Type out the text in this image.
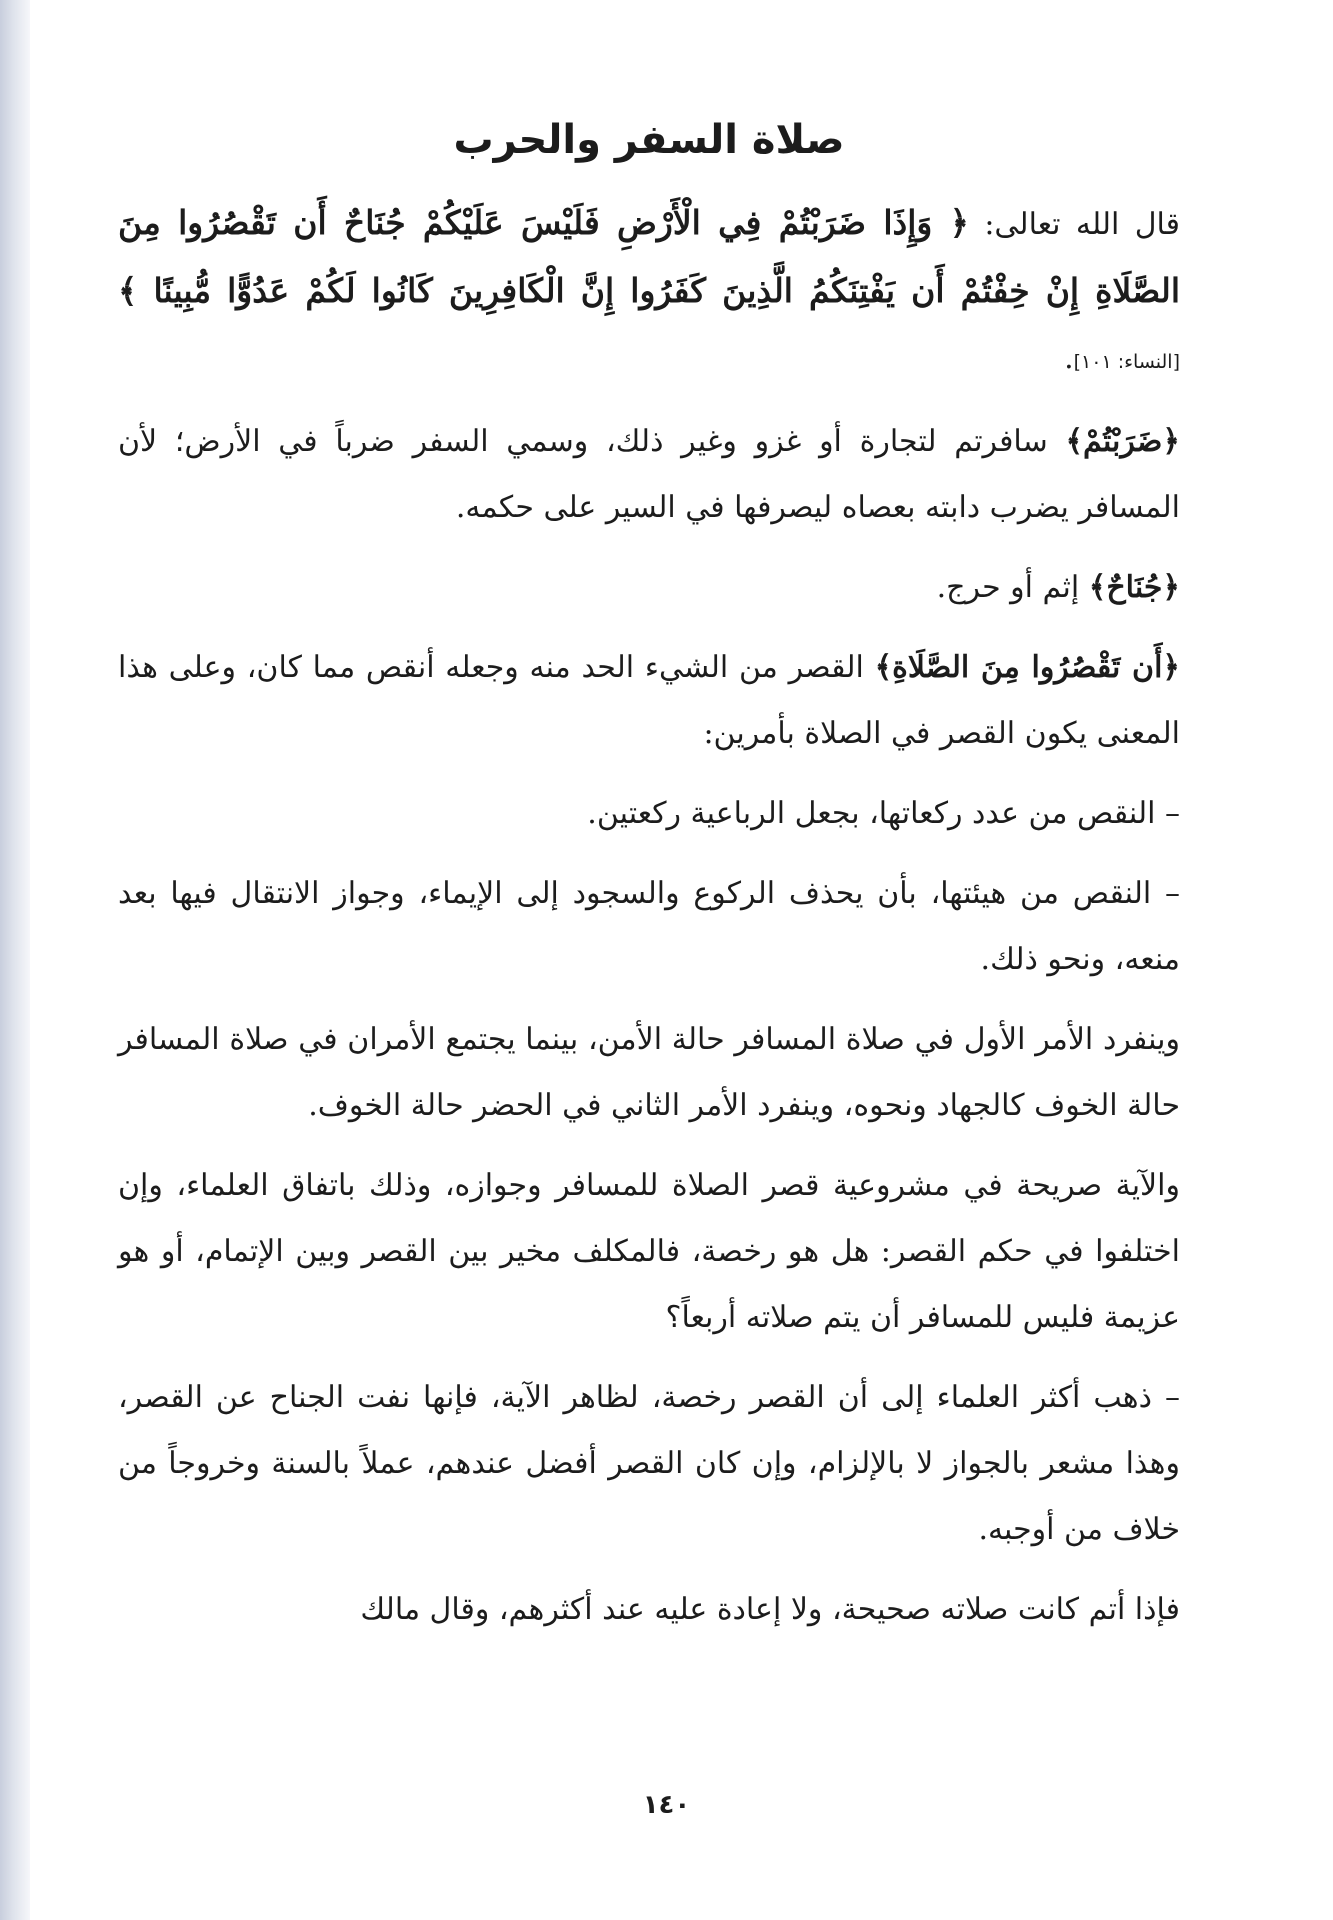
صلاة السفر والحرب

قال الله تعالى: ﴿ وَإِذَا ضَرَبْتُمْ فِي الْأَرْضِ فَلَيْسَ عَلَيْكُمْ جُنَاحٌ أَن تَقْصُرُوا مِنَ الصَّلَاةِ إِنْ خِفْتُمْ أَن يَفْتِنَكُمُ الَّذِينَ كَفَرُوا إِنَّ الْكَافِرِينَ كَانُوا لَكُمْ عَدُوًّا مُّبِينًا ﴾ [النساء: ١٠١].

﴿ضَرَبْتُمْ﴾ سافرتم لتجارة أو غزو وغير ذلك، وسمي السفر ضرباً في الأرض؛ لأن المسافر يضرب دابته بعصاه ليصرفها في السير على حكمه.

﴿جُنَاحٌ﴾ إثم أو حرج.

﴿أَن تَقْصُرُوا مِنَ الصَّلَاةِ﴾ القصر من الشيء الحد منه وجعله أنقص مما كان، وعلى هذا المعنى يكون القصر في الصلاة بأمرين:

– النقص من عدد ركعاتها، بجعل الرباعية ركعتين.

– النقص من هيئتها، بأن يحذف الركوع والسجود إلى الإيماء، وجواز الانتقال فيها بعد منعه، ونحو ذلك.

وينفرد الأمر الأول في صلاة المسافر حالة الأمن، بينما يجتمع الأمران في صلاة المسافر حالة الخوف كالجهاد ونحوه، وينفرد الأمر الثاني في الحضر حالة الخوف.

والآية صريحة في مشروعية قصر الصلاة للمسافر وجوازه، وذلك باتفاق العلماء، وإن اختلفوا في حكم القصر: هل هو رخصة، فالمكلف مخير بين القصر وبين الإتمام، أو هو عزيمة فليس للمسافر أن يتم صلاته أربعاً؟

– ذهب أكثر العلماء إلى أن القصر رخصة، لظاهر الآية، فإنها نفت الجناح عن القصر، وهذا مشعر بالجواز لا بالإلزام، وإن كان القصر أفضل عندهم، عملاً بالسنة وخروجاً من خلاف من أوجبه.

فإذا أتم كانت صلاته صحيحة، ولا إعادة عليه عند أكثرهم، وقال مالك

١٤٠
